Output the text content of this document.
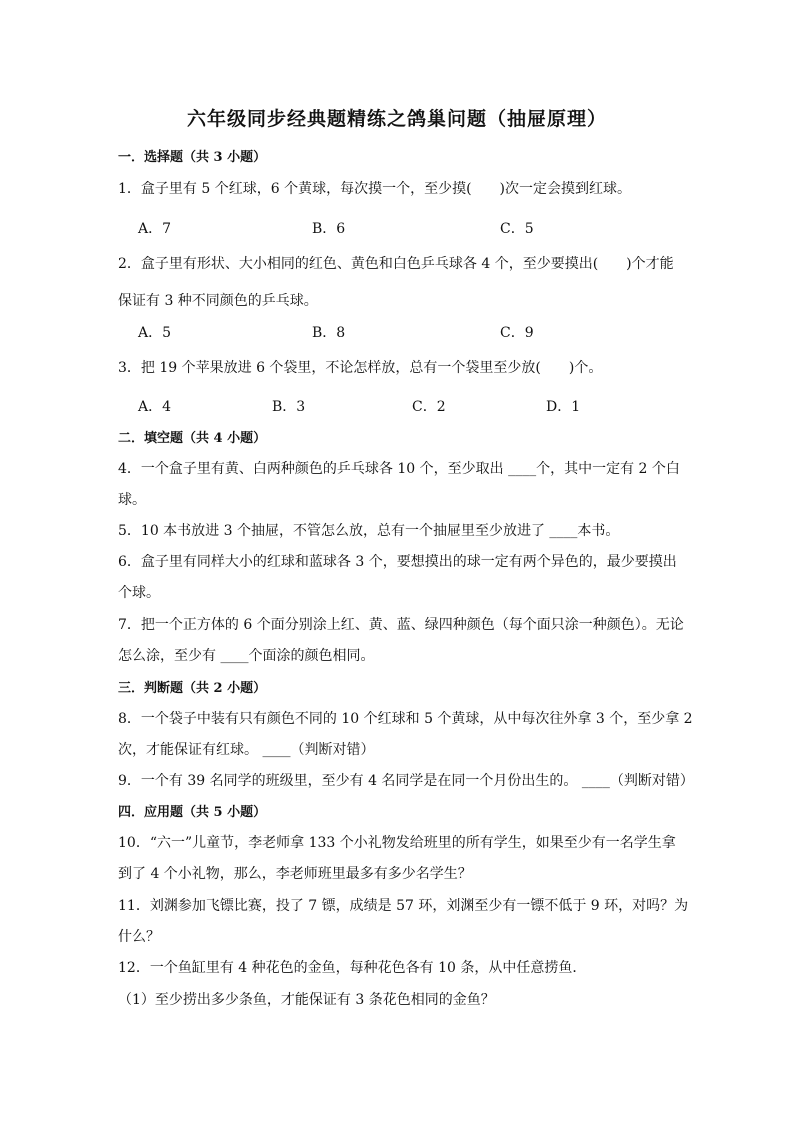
六年级同步经典题精练之鸽巢问题（抽屉原理）
一．选择题（共 3 小题）
1．盒子里有 5 个红球，6 个黄球，每次摸一个，至少摸(　　)次一定会摸到红球。
A．7	B．6	C．5
2．盒子里有形状、大小相同的红色、黄色和白色乒乓球各 4 个，至少要摸出(　　)个才能
保证有 3 种不同颜色的乒乓球。
A．5	B．8	C．9
3．把 19 个苹果放进 6 个袋里，不论怎样放，总有一个袋里至少放(　　)个。
A．4	B．3	C．2	D．1
二．填空题（共 4 小题）
4．一个盒子里有黄、白两种颜色的乒乓球各 10 个，至少取出 ____个，其中一定有 2 个白
球。
5．10 本书放进 3 个抽屉，不管怎么放，总有一个抽屉里至少放进了 ____本书。
6．盒子里有同样大小的红球和蓝球各 3 个，要想摸出的球一定有两个异色的，最少要摸出
个球。
7．把一个正方体的 6 个面分别涂上红、黄、蓝、绿四种颜色（每个面只涂一种颜色）。无论
怎么涂，至少有 ____个面涂的颜色相同。
三．判断题（共 2 小题）
8．一个袋子中装有只有颜色不同的 10 个红球和 5 个黄球，从中每次往外拿 3 个，至少拿 2
次，才能保证有红球。 ____（判断对错）
9．一个有 39 名同学的班级里，至少有 4 名同学是在同一个月份出生的。 ____（判断对错）
四．应用题（共 5 小题）
10．“六一”儿童节，李老师拿 133 个小礼物发给班里的所有学生，如果至少有一名学生拿
到了 4 个小礼物，那么，李老师班里最多有多少名学生？
11．刘渊参加飞镖比赛，投了 7 镖，成绩是 57 环，刘渊至少有一镖不低于 9 环，对吗？为
什么？
12．一个鱼缸里有 4 种花色的金鱼，每种花色各有 10 条，从中任意捞鱼．
（1）至少捞出多少条鱼，才能保证有 3 条花色相同的金鱼？
